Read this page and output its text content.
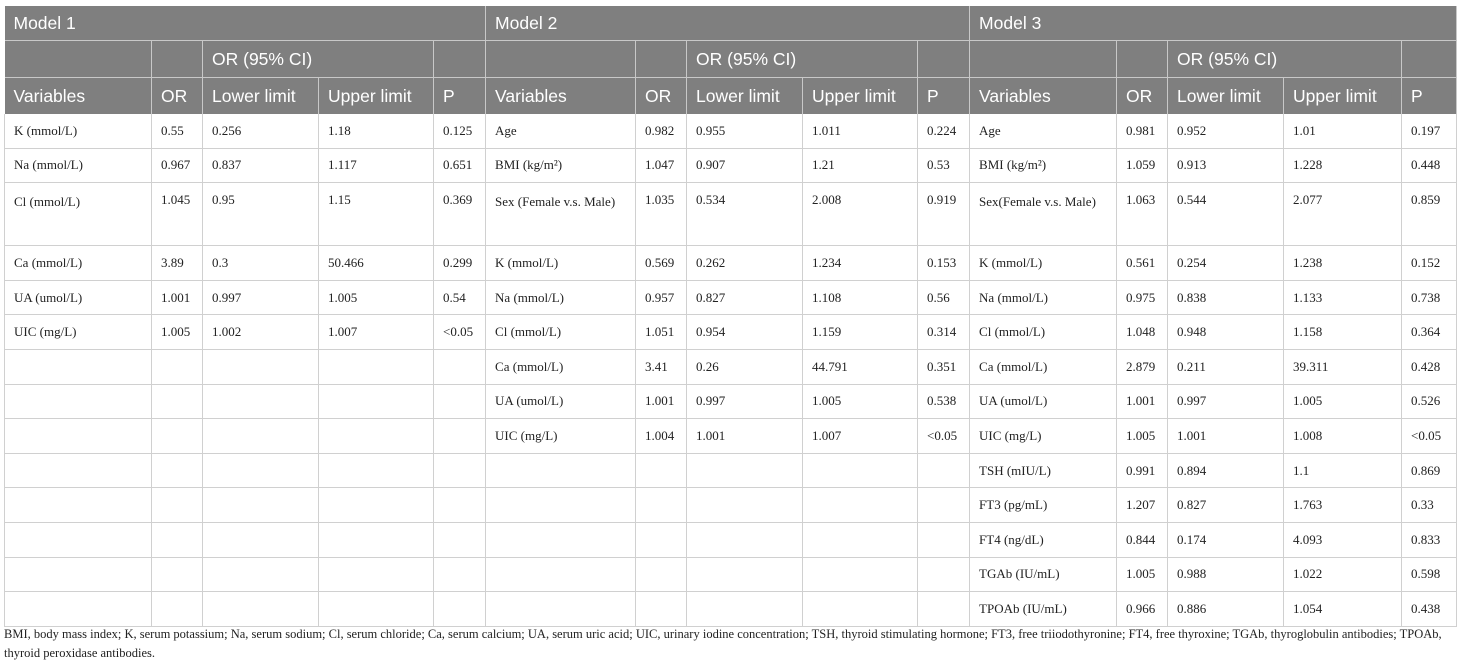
Model 1					Model 2					Model 3				
		OR (95% CI)					OR (95% CI)					OR (95% CI)		
Variables	OR	Lower limit	Upper limit	P	Variables	OR	Lower limit	Upper limit	P	Variables	OR	Lower limit	Upper limit	P
K (mmol/L)	0.55	0.256	1.18	0.125	Age	0.982	0.955	1.011	0.224	Age	0.981	0.952	1.01	0.197
Na (mmol/L)	0.967	0.837	1.117	0.651	BMI (kg/m²)	1.047	0.907	1.21	0.53	BMI (kg/m²)	1.059	0.913	1.228	0.448
Cl (mmol/L)	1.045	0.95	1.15	0.369	Sex (Female v.s. Male)	1.035	0.534	2.008	0.919	Sex(Female v.s. Male)	1.063	0.544	2.077	0.859
Ca (mmol/L)	3.89	0.3	50.466	0.299	K (mmol/L)	0.569	0.262	1.234	0.153	K (mmol/L)	0.561	0.254	1.238	0.152
UA (umol/L)	1.001	0.997	1.005	0.54	Na (mmol/L)	0.957	0.827	1.108	0.56	Na (mmol/L)	0.975	0.838	1.133	0.738
UIC (mg/L)	1.005	1.002	1.007	<0.05	Cl (mmol/L)	1.051	0.954	1.159	0.314	Cl (mmol/L)	1.048	0.948	1.158	0.364
					Ca (mmol/L)	3.41	0.26	44.791	0.351	Ca (mmol/L)	2.879	0.211	39.311	0.428
					UA (umol/L)	1.001	0.997	1.005	0.538	UA (umol/L)	1.001	0.997	1.005	0.526
					UIC (mg/L)	1.004	1.001	1.007	<0.05	UIC (mg/L)	1.005	1.001	1.008	<0.05
										TSH (mIU/L)	0.991	0.894	1.1	0.869
										FT3 (pg/mL)	1.207	0.827	1.763	0.33
										FT4 (ng/dL)	0.844	0.174	4.093	0.833
										TGAb (IU/mL)	1.005	0.988	1.022	0.598
										TPOAb (IU/mL)	0.966	0.886	1.054	0.438
BMI, body mass index; K, serum potassium; Na, serum sodium; Cl, serum chloride; Ca, serum calcium; UA, serum uric acid; UIC, urinary iodine concentration; TSH, thyroid stimulating hormone; FT3, free triiodothyronine; FT4, free thyroxine; TGAb, thyroglobulin antibodies; TPOAb, thyroid peroxidase antibodies.
